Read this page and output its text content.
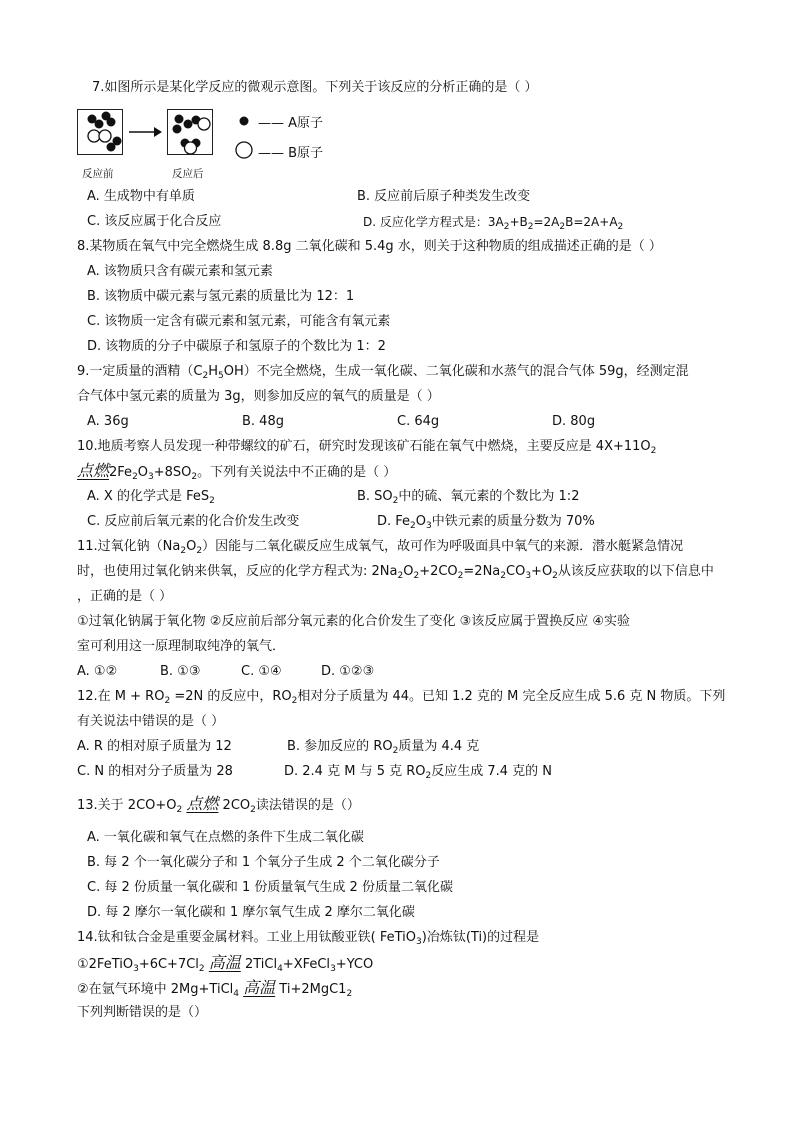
7.如图所示是某化学反应的微观示意图。下列关于该反应的分析正确的是（ ）
反应前	反应后
—— A原子
—— B原子
A. 生成物中有单质	B. 反应前后原子种类发生改变
C. 该反应属于化合反应	D. 反应化学方程式是：$3A_2+B_2=2A_2B=2A+A_2$
8.某物质在氧气中完全燃烧生成 8.8g 二氧化碳和 5.4g 水，则关于这种物质的组成描述正确的是（ ）
A. 该物质只含有碳元素和氢元素
B. 该物质中碳元素与氢元素的质量比为 12：1
C. 该物质一定含有碳元素和氢元素，可能含有氧元素
D. 该物质的分子中碳原子和氢原子的个数比为 1：2
9.一定质量的酒精$(C_2H_5OH)$不完全燃烧，生成一氧化碳、二氧化碳和水蒸气的混合气体 59g，经测定混
合气体中氢元素的质量为 3g，则参加反应的氧气的质量是（ ）
A. 36g	B. 48g	C. 64g	D. 80g
10.地质考察人员发现一种带螺纹的矿石，研究时发现该矿石能在氧气中燃烧，主要反应是 $4X+11O_2$
点燃$2Fe_2O_3+8SO_2$。下列有关说法中不正确的是（ ）
A. X 的化学式是 FeS$_2$	B. $SO_2$中的硫、氧元素的个数比为 1:2
C. 反应前后氧元素的化合价发生改变	D. $Fe_2O_3$中铁元素的质量分数为 70%
11.过氧化钠$(Na_2O_2)$因能与二氧化碳反应生成氧气，故可作为呼吸面具中氧气的来源．潜水艇紧急情况
时，也使用过氧化钠来供氧，反应的化学方程式为: $2Na_2O_2+2CO_2=2Na_2CO_3+O_2$从该反应获取的以下信息中
，正确的是（ ）
①过氧化钠属于氧化物 ②反应前后部分氧元素的化合价发生了变化 ③该反应属于置换反应 ④实验
室可利用这一原理制取纯净的氧气．
A. ①②	B. ①③	C. ①④	D. ①②③
12.在 $M + RO_2 =2N$ 的反应中，$RO_2$相对分子质量为 44。已知 1.2 克的 M 完全反应生成 5.6 克 N 物质。下列
有关说法中错误的是（ ）
A. R 的相对原子质量为 12	B. 参加反应的 $RO_2$质量为 4.4 克
C. N 的相对分子质量为 28	D. 2.4 克 M 与 5 克 $RO_2$反应生成 7.4 克的 N
13.关于 $2CO+O_2$ 点燃 $2CO_2$读法错误的是（）
A. 一氧化碳和氧气在点燃的条件下生成二氧化碳
B. 每 2 个一氧化碳分子和 1 个氧分子生成 2 个二氧化碳分子
C. 每 2 份质量一氧化碳和 1 份质量氧气生成 2 份质量二氧化碳
D. 每 2 摩尔一氧化碳和 1 摩尔氧气生成 2 摩尔二氧化碳
14.钛和钛合金是重要金属材料。工业上用钛酸亚铁( FeTiO$_3$)冶炼钛(Ti)的过程是
$①2FeTiO_3+6C+7Cl_2$ 高温 2TiCl$_4$+XFeCl$_3$+YCO
②在氩气环境中 2Mg+TiCl$_4$ 高温 $Ti+2MgC1_2$
下列判断错误的是（）
